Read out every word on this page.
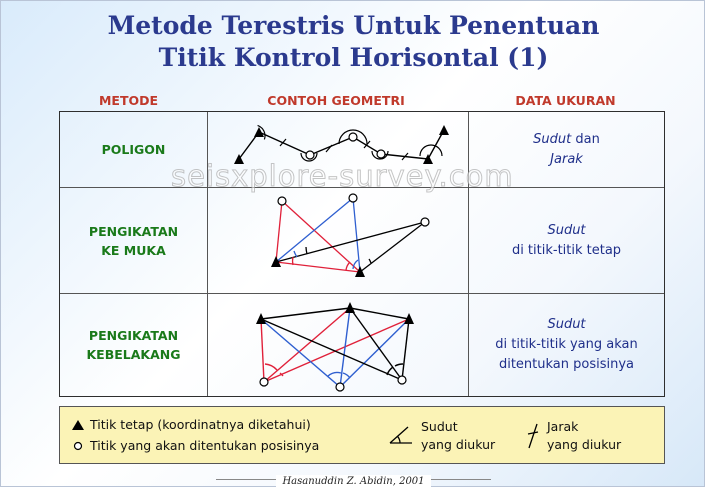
Metode Terestris Untuk Penentuan
Titik Kontrol Horisontal (1)
METODE	CONTOH GEOMETRI	DATA UKURAN
POLIGON
Sudut dan
Jarak
PENGIKATAN
KE MUKA
Sudut
di titik-titik tetap
PENGIKATAN
KEBELAKANG
Sudut
di titik-titik yang akan
ditentukan posisinya
seisxplore-survey.com
Titik tetap (koordinatnya diketahui)
Titik yang akan ditentukan posisinya
Sudut
yang diukur
Jarak
yang diukur
Hasanuddin Z. Abidin, 2001
